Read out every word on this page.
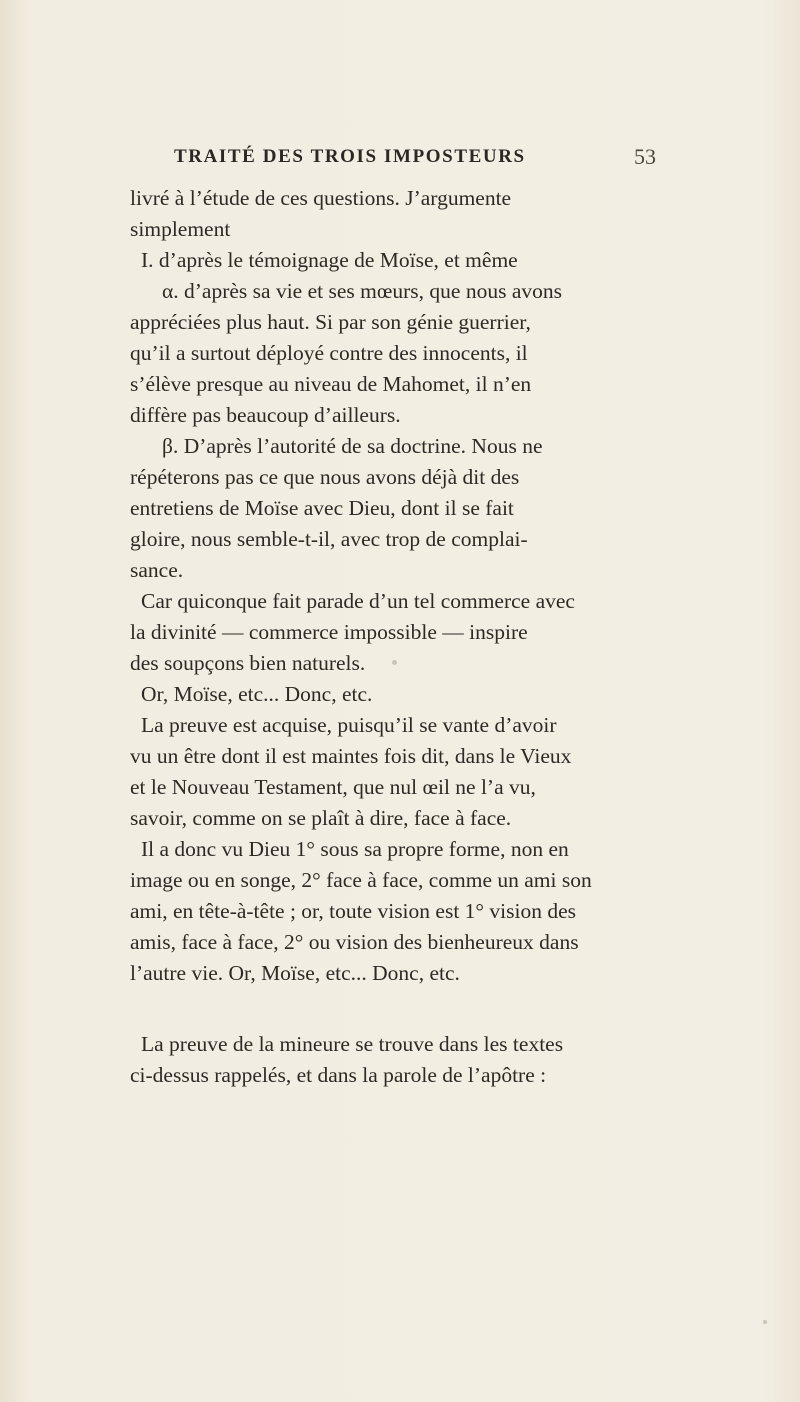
TRAITÉ DES TROIS IMPOSTEURS	53
livré à l’étude de ces questions. J’argumente
simplement
I. d’après le témoignage de Moïse, et même
α. d’après sa vie et ses mœurs, que nous avons
appréciées plus haut. Si par son génie guerrier,
qu’il a surtout déployé contre des innocents, il
s’élève presque au niveau de Mahomet, il n’en
diffère pas beaucoup d’ailleurs.
β. D’après l’autorité de sa doctrine. Nous ne
répéterons pas ce que nous avons déjà dit des
entretiens de Moïse avec Dieu, dont il se fait
gloire, nous semble-t-il, avec trop de complai-
sance.
Car quiconque fait parade d’un tel commerce avec
la divinité — commerce impossible — inspire
des soupçons bien naturels.
Or, Moïse, etc... Donc, etc.
La preuve est acquise, puisqu’il se vante d’avoir
vu un être dont il est maintes fois dit, dans le Vieux
et le Nouveau Testament, que nul œil ne l’a vu,
savoir, comme on se plaît à dire, face à face.
Il a donc vu Dieu 1° sous sa propre forme, non en
image ou en songe, 2° face à face, comme un ami son
ami, en tête-à-tête ; or, toute vision est 1° vision des
amis, face à face, 2° ou vision des bienheureux dans
l’autre vie. Or, Moïse, etc... Donc, etc.
La preuve de la mineure se trouve dans les textes
ci-dessus rappelés, et dans la parole de l’apôtre :
